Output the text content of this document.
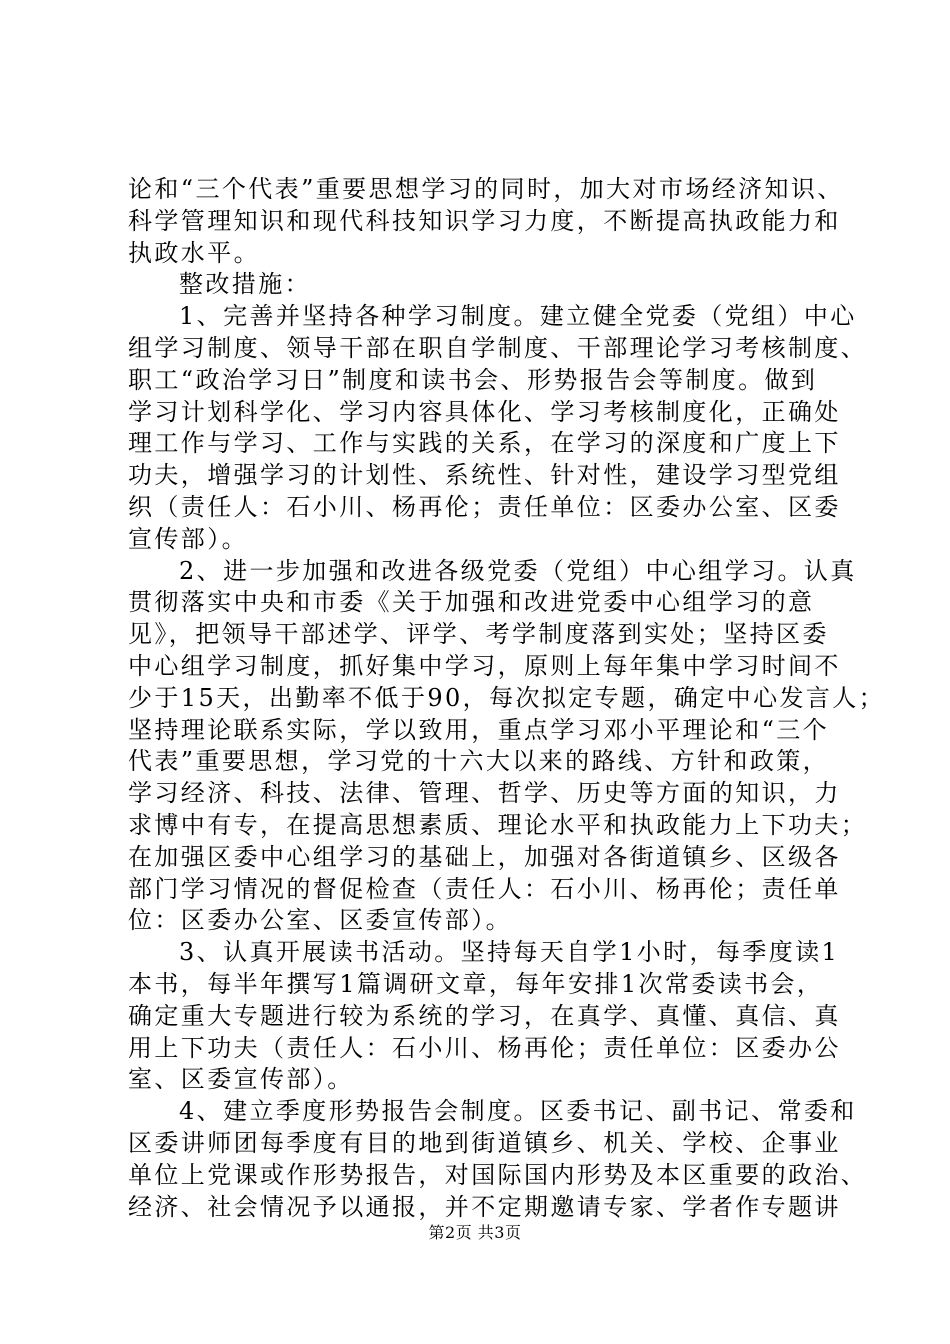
论和“三个代表”重要思想学习的同时，加大对市场经济知识、
科学管理知识和现代科技知识学习力度，不断提高执政能力和
执政水平。
整改措施：
1、完善并坚持各种学习制度。建立健全党委（党组）中心
组学习制度、领导干部在职自学制度、干部理论学习考核制度、
职工“政治学习日”制度和读书会、形势报告会等制度。做到
学习计划科学化、学习内容具体化、学习考核制度化，正确处
理工作与学习、工作与实践的关系，在学习的深度和广度上下
功夫，增强学习的计划性、系统性、针对性，建设学习型党组
织（责任人：石小川、杨再伦；责任单位：区委办公室、区委
宣传部）。
2、进一步加强和改进各级党委（党组）中心组学习。认真
贯彻落实中央和市委《关于加强和改进党委中心组学习的意
见》，把领导干部述学、评学、考学制度落到实处；坚持区委
中心组学习制度，抓好集中学习，原则上每年集中学习时间不
少于15天，出勤率不低于90，每次拟定专题，确定中心发言人；
坚持理论联系实际，学以致用，重点学习邓小平理论和“三个
代表”重要思想，学习党的十六大以来的路线、方针和政策，
学习经济、科技、法律、管理、哲学、历史等方面的知识，力
求博中有专，在提高思想素质、理论水平和执政能力上下功夫；
在加强区委中心组学习的基础上，加强对各街道镇乡、区级各
部门学习情况的督促检查（责任人：石小川、杨再伦；责任单
位：区委办公室、区委宣传部）。
3、认真开展读书活动。坚持每天自学1小时，每季度读1
本书，每半年撰写1篇调研文章，每年安排1次常委读书会，
确定重大专题进行较为系统的学习，在真学、真懂、真信、真
用上下功夫（责任人：石小川、杨再伦；责任单位：区委办公
室、区委宣传部）。
4、建立季度形势报告会制度。区委书记、副书记、常委和
区委讲师团每季度有目的地到街道镇乡、机关、学校、企事业
单位上党课或作形势报告，对国际国内形势及本区重要的政治、
经济、社会情况予以通报，并不定期邀请专家、学者作专题讲
第2页 共3页
